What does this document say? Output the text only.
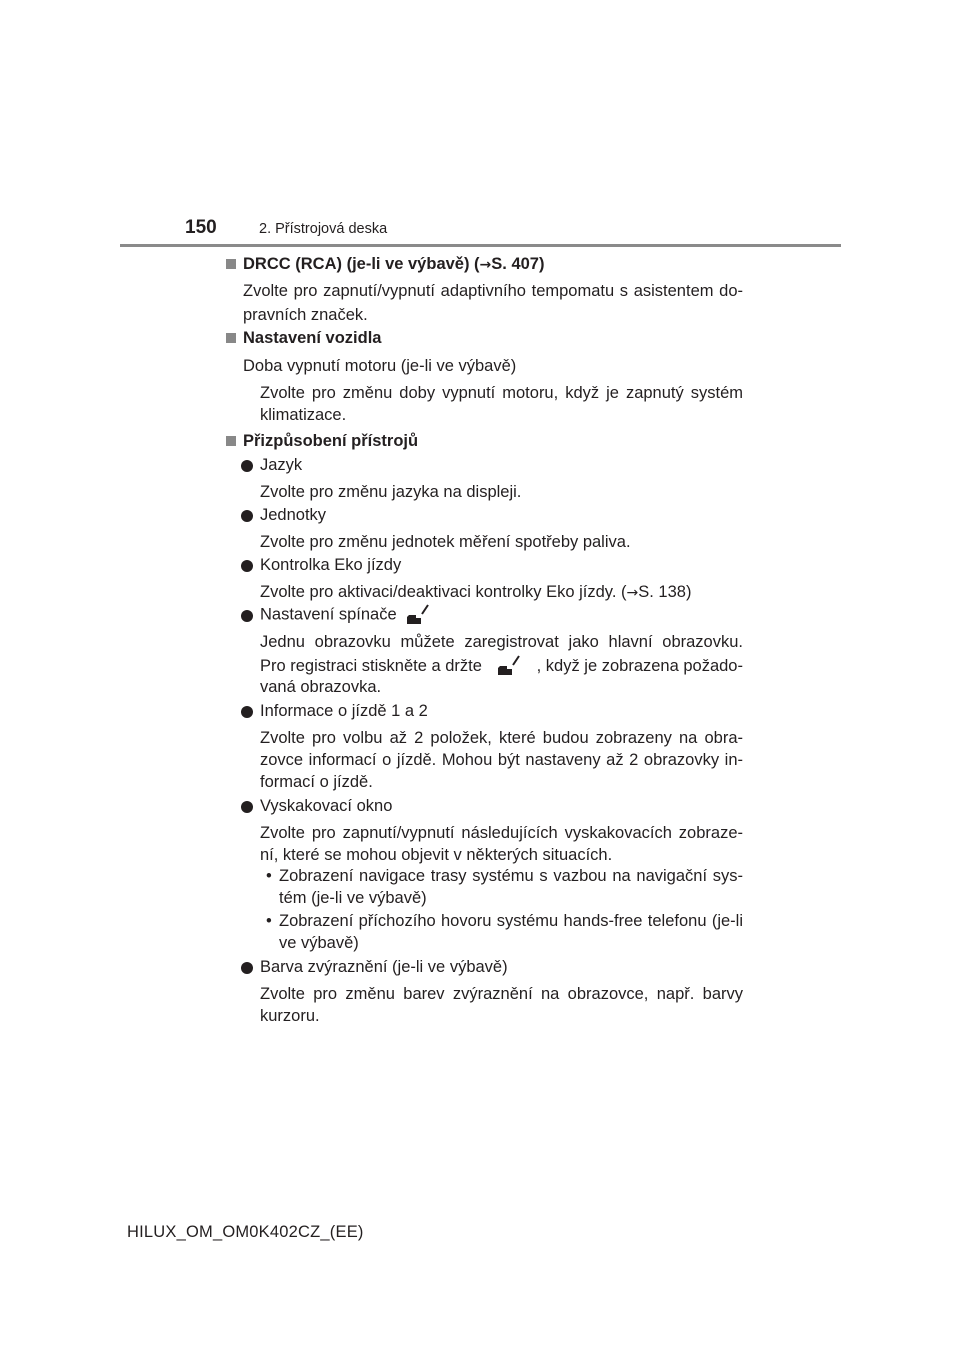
150	2. Přístrojová deska
DRCC (RCA) (je-li ve výbavě) (→S. 407)
Zvolte pro zapnutí/vypnutí adaptivního tempomatu s asistentem do-
pravních značek.
Nastavení vozidla
Doba vypnutí motoru (je-li ve výbavě)
Zvolte pro změnu doby vypnutí motoru, když je zapnutý systém
klimatizace.
Přizpůsobení přístrojů
Jazyk
Zvolte pro změnu jazyka na displeji.
Jednotky
Zvolte pro změnu jednotek měření spotřeby paliva.
Kontrolka Eko jízdy
Zvolte pro aktivaci/deaktivaci kontrolky Eko jízdy. (→S. 138)
Nastavení spínače
Jednu obrazovku můžete zaregistrovat jako hlavní obrazovku.
Pro registraci stiskněte a držte	, když je zobrazena požado-
vaná obrazovka.
Informace o jízdě 1 a 2
Zvolte pro volbu až 2 položek, které budou zobrazeny na obra-
zovce informací o jízdě. Mohou být nastaveny až 2 obrazovky in-
formací o jízdě.
Vyskakovací okno
Zvolte pro zapnutí/vypnutí následujících vyskakovacích zobraze-
ní, které se mohou objevit v některých situacích.
• Zobrazení navigace trasy systému s vazbou na navigační sys-
tém (je-li ve výbavě)
• Zobrazení příchozího hovoru systému hands-free telefonu (je-li
ve výbavě)
Barva zvýraznění (je-li ve výbavě)
Zvolte pro změnu barev zvýraznění na obrazovce, např. barvy
kurzoru.
HILUX_OM_OM0K402CZ_(EE)
